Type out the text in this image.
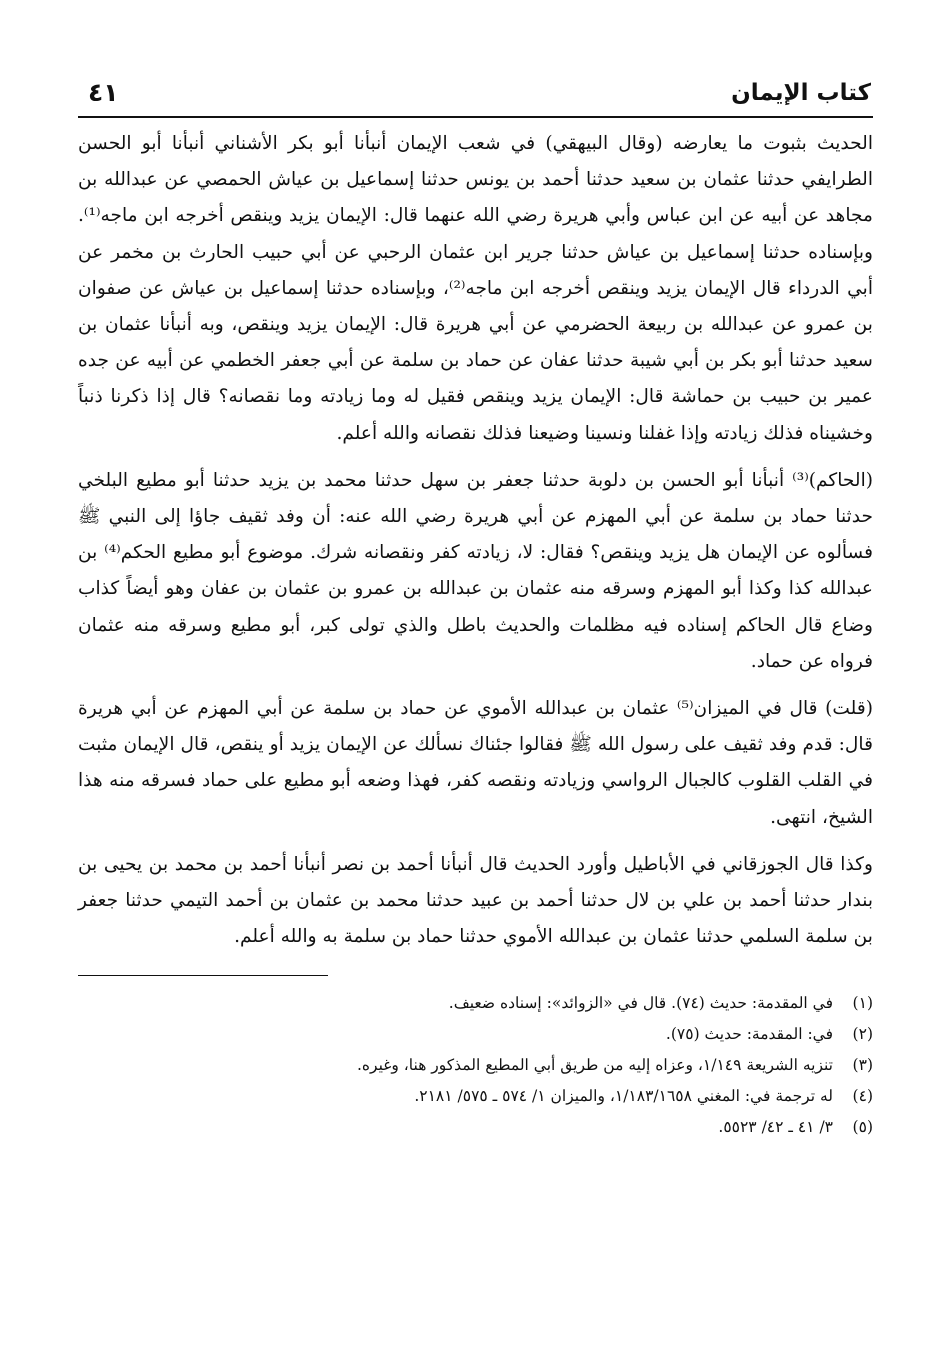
كتاب الإيمان
٤١

الحديث بثبوت ما يعارضه (وقال البيهقي) في شعب الإيمان أنبأنا أبو بكر الأشناني أنبأنا أبو الحسن الطرايفي حدثنا عثمان بن سعيد حدثنا أحمد بن يونس حدثنا إسماعيل بن عياش الحمصي عن عبدالله بن مجاهد عن أبيه عن ابن عباس وأبي هريرة رضي الله عنهما قال: الإيمان يزيد وينقص أخرجه ابن ماجه⁽¹⁾. وبإسناده حدثنا إسماعيل بن عياش حدثنا جرير ابن عثمان الرحبي عن أبي حبيب الحارث بن مخمر عن أبي الدرداء قال الإيمان يزيد وينقص أخرجه ابن ماجه⁽²⁾، وبإسناده حدثنا إسماعيل بن عياش عن صفوان بن عمرو عن عبدالله بن ربيعة الحضرمي عن أبي هريرة قال: الإيمان يزيد وينقص، وبه أنبأنا عثمان بن سعيد حدثنا أبو بكر بن أبي شيبة حدثنا عفان عن حماد بن سلمة عن أبي جعفر الخطمي عن أبيه عن جده عمير بن حبيب بن حماشة قال: الإيمان يزيد وينقص فقيل له وما زيادته وما نقصانه؟ قال إذا ذكرنا ذنباً وخشيناه فذلك زيادته وإذا غفلنا ونسينا وضيعنا فذلك نقصانه والله أعلم.

(الحاكم)⁽³⁾ أنبأنا أبو الحسن بن دلوبة حدثنا جعفر بن سهل حدثنا محمد بن يزيد حدثنا أبو مطيع البلخي حدثنا حماد بن سلمة عن أبي المهزم عن أبي هريرة رضي الله عنه: أن وفد ثقيف جاؤا إلى النبي ﷺ فسألوه عن الإيمان هل يزيد وينقص؟ فقال: لا، زيادته كفر ونقصانه شرك. موضوع أبو مطيع الحكم⁽⁴⁾ بن عبدالله كذا وكذا أبو المهزم وسرقه منه عثمان بن عبدالله بن عمرو بن عثمان بن عفان وهو أيضاً كذاب وضاع قال الحاكم إسناده فيه مظلمات والحديث باطل والذي تولى كبر، أبو مطيع وسرقه منه عثمان فرواه عن حماد.

(قلت) قال في الميزان⁽⁵⁾ عثمان بن عبدالله الأموي عن حماد بن سلمة عن أبي المهزم عن أبي هريرة قال: قدم وفد ثقيف على رسول الله ﷺ فقالوا جئناك نسألك عن الإيمان يزيد أو ينقص، قال الإيمان مثبت في القلب القلوب كالجبال الرواسي وزيادته ونقصه كفر، فهذا وضعه أبو مطيع على حماد فسرقه منه هذا الشيخ، انتهى.

وكذا قال الجوزقاني في الأباطيل وأورد الحديث قال أنبأنا أحمد بن نصر أنبأنا أحمد بن محمد بن يحيى بن بندار حدثنا أحمد بن علي بن لال حدثنا أحمد بن عبيد حدثنا محمد بن عثمان بن أحمد التيمي حدثنا جعفر بن سلمة السلمي حدثنا عثمان بن عبدالله الأموي حدثنا حماد بن سلمة به والله أعلم.

(١)
في المقدمة: حديث (٧٤). قال في «الزوائد»: إسناده ضعيف.
(٢)
في: المقدمة: حديث (٧٥).
(٣)
تنزيه الشريعة ١/١٤٩، وعزاه إليه من طريق أبي المطيع المذكور هنا، وغيره.
(٤)
له ترجمة في: المغني ١/١٨٣/١٦٥٨، والميزان ١/ ٥٧٤ ـ ٥٧٥/ ٢١٨١.
(٥)
٣/ ٤١ ـ ٤٢/ ٥٥٢٣.
